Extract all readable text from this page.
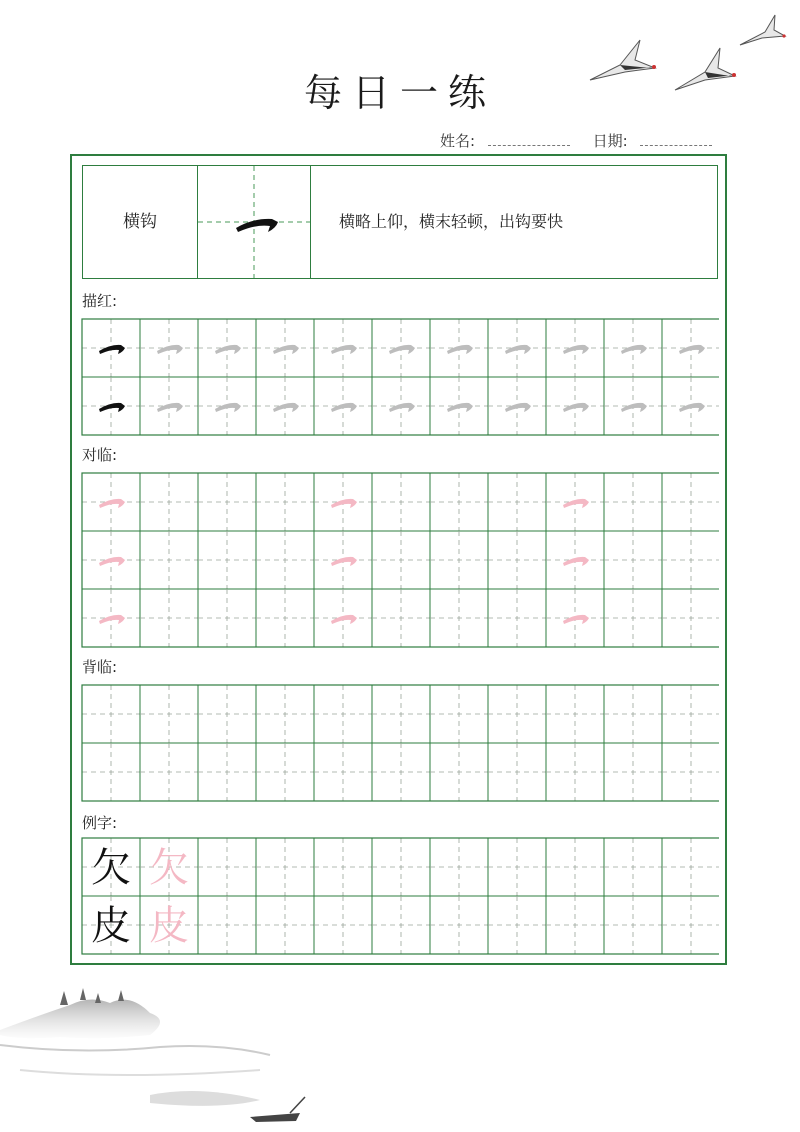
每日一练
姓名:	日期:
横钩	横略上仰，横末轻顿，出钩要快
描红:
对临:
背临:
例字:
欠 欠
皮 皮
